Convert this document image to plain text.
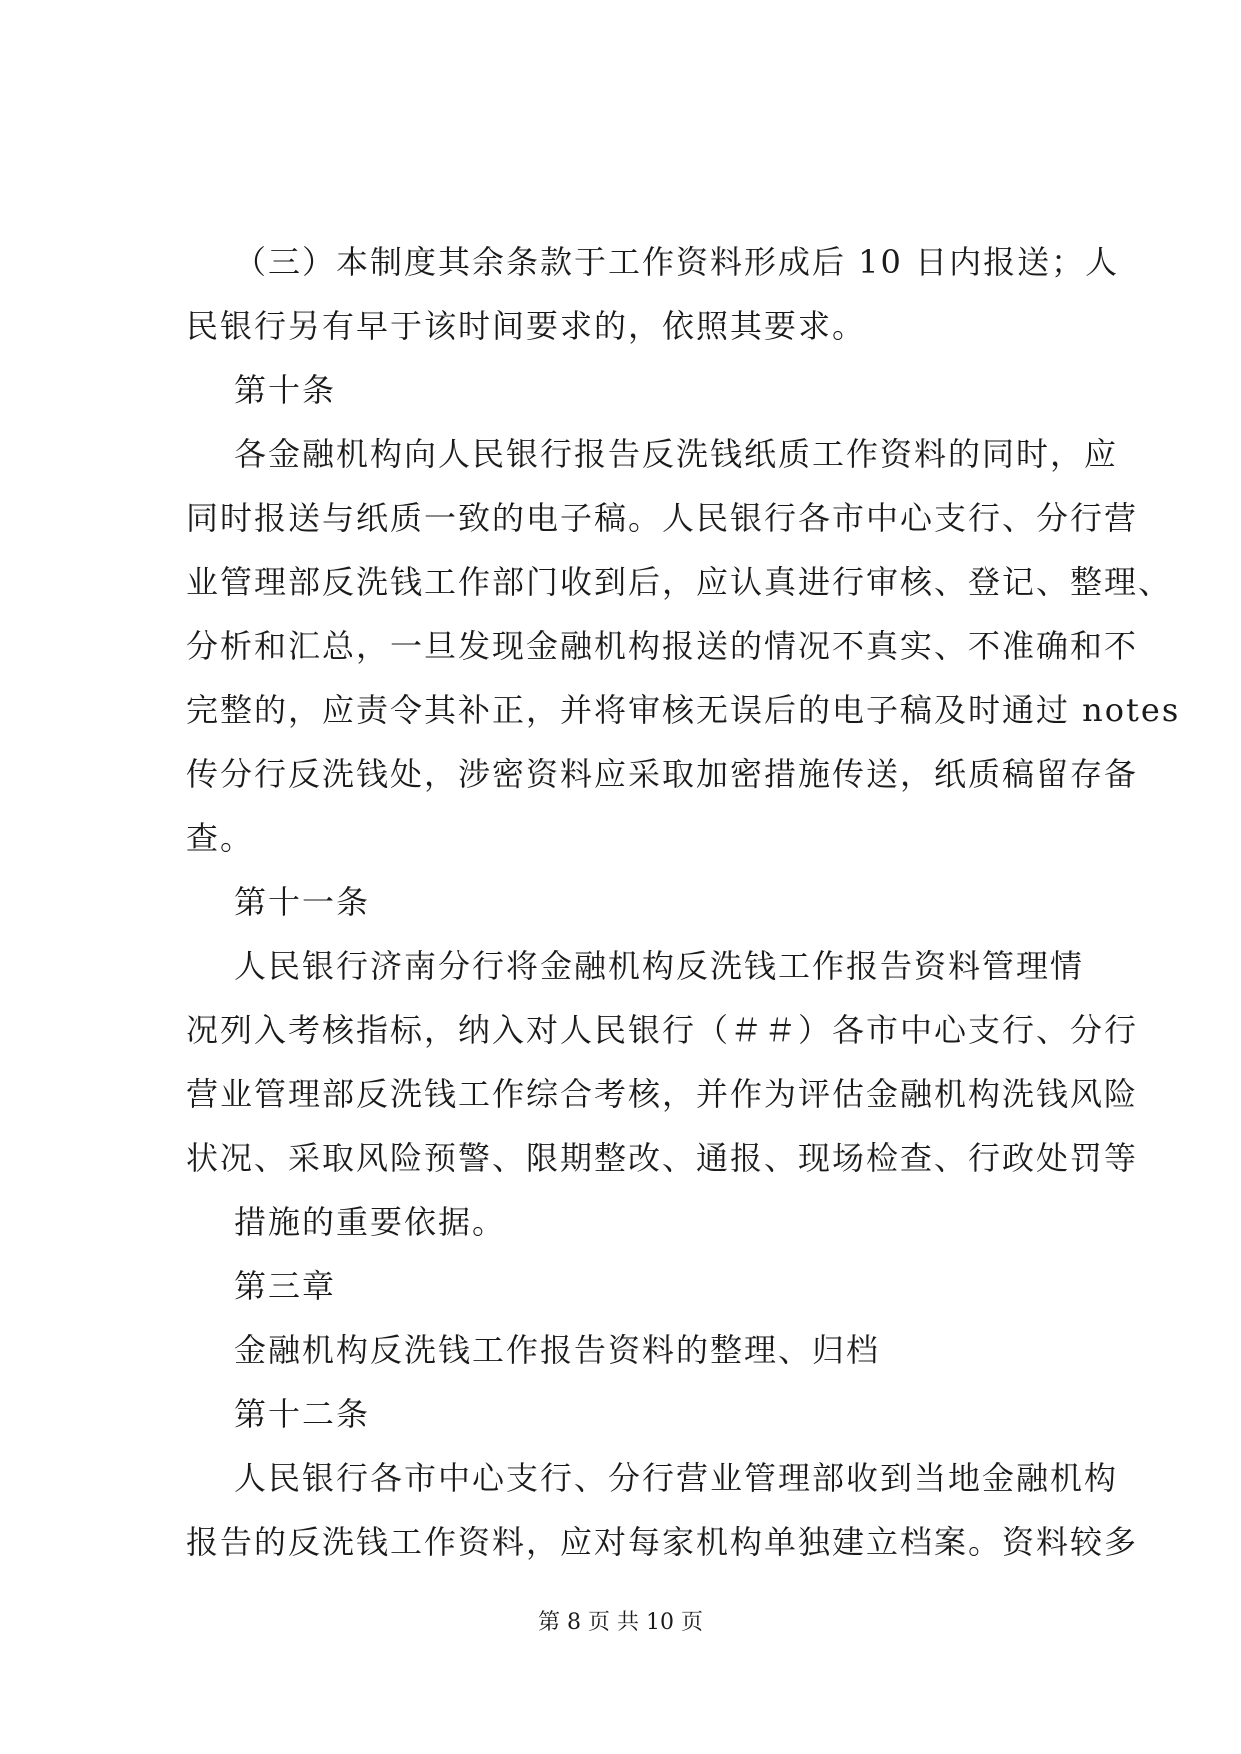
（三）本制度其余条款于工作资料形成后 10 日内报送；人
民银行另有早于该时间要求的，依照其要求。
第十条
各金融机构向人民银行报告反洗钱纸质工作资料的同时，应
同时报送与纸质一致的电子稿。人民银行各市中心支行、分行营
业管理部反洗钱工作部门收到后，应认真进行审核、登记、整理、
分析和汇总，一旦发现金融机构报送的情况不真实、不准确和不
完整的，应责令其补正，并将审核无误后的电子稿及时通过 notes
传分行反洗钱处，涉密资料应采取加密措施传送，纸质稿留存备
查。
第十一条
人民银行济南分行将金融机构反洗钱工作报告资料管理情
况列入考核指标，纳入对人民银行（＃＃）各市中心支行、分行
营业管理部反洗钱工作综合考核，并作为评估金融机构洗钱风险
状况、采取风险预警、限期整改、通报、现场检查、行政处罚等
措施的重要依据。
第三章
金融机构反洗钱工作报告资料的整理、归档
第十二条
人民银行各市中心支行、分行营业管理部收到当地金融机构
报告的反洗钱工作资料，应对每家机构单独建立档案。资料较多
第 8 页 共 10 页
